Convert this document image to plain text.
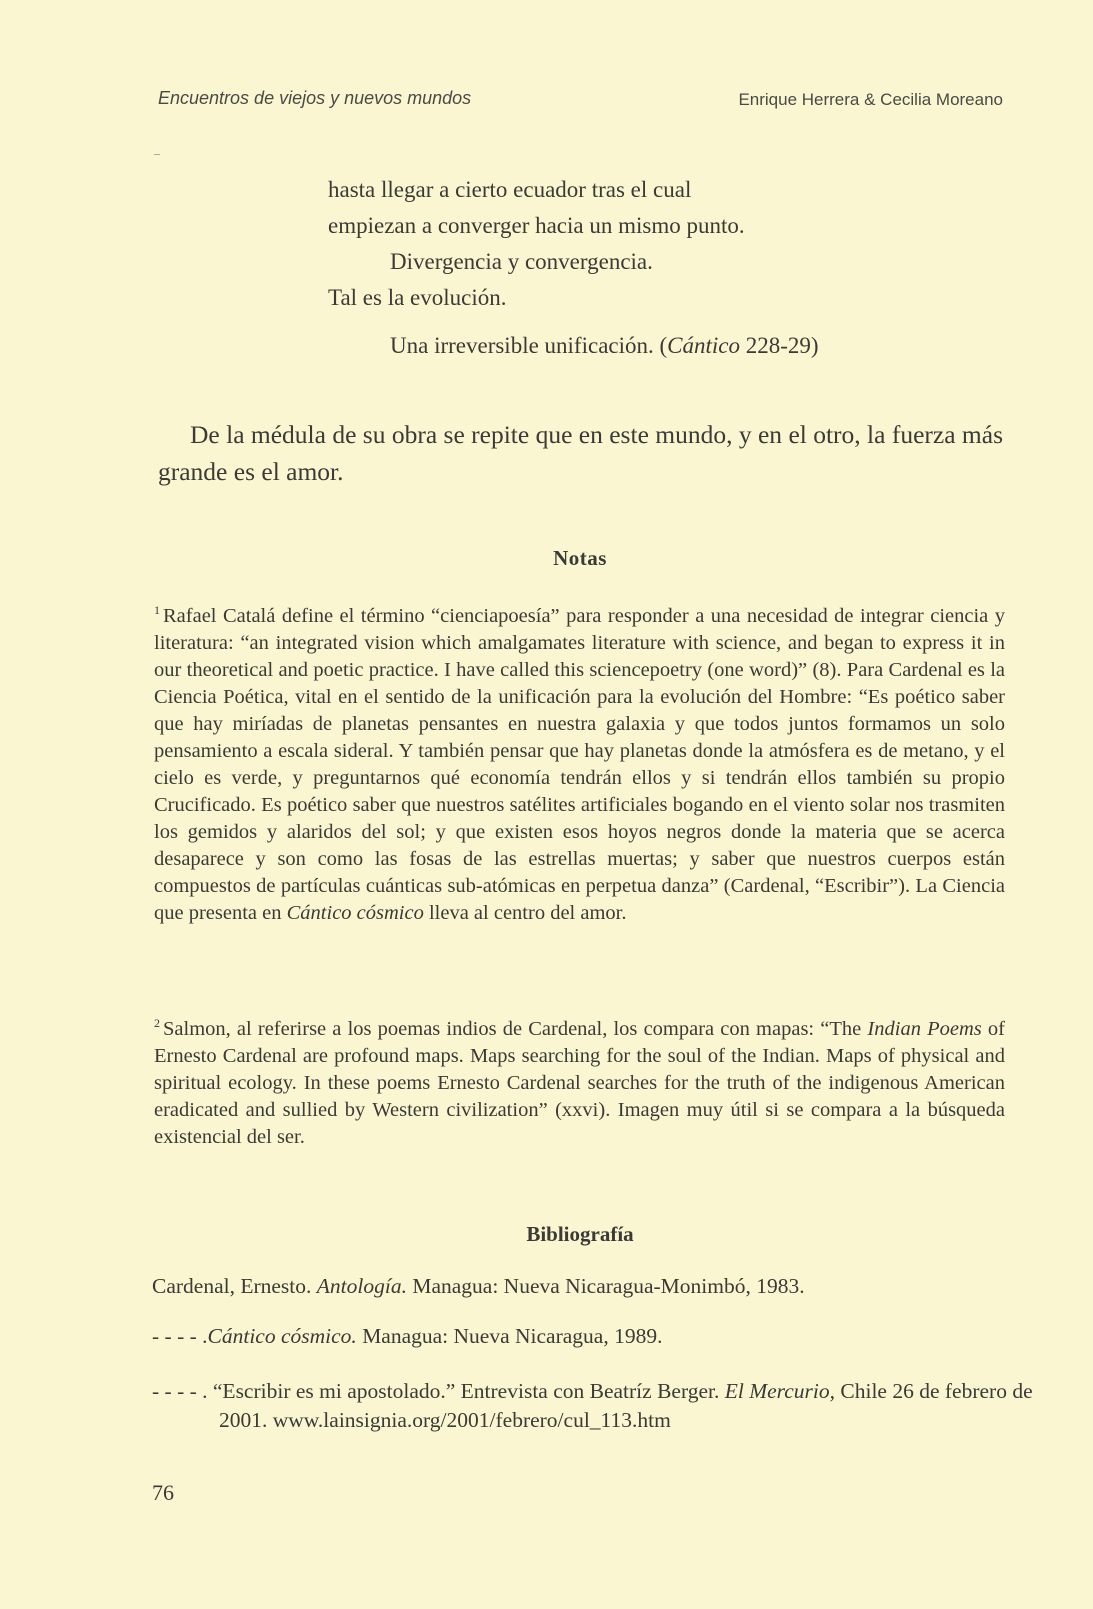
Encuentros de viejos y nuevos mundos	Enrique Herrera & Cecilia Moreano
hasta llegar a cierto ecuador tras el cual
empiezan a converger hacia un mismo punto.
Divergencia y convergencia.
Tal es la evolución.
Una irreversible unificación. (Cántico 228-29)

De la médula de su obra se repite que en este mundo, y en el otro, la fuerza más grande es el amor.

Notas
$^1$ Rafael Catalá define el término “cienciapoesía” para responder a una necesidad de integrar ciencia y literatura: “an integrated vision which amalgamates literature with science, and began to express it in our theoretical and poetic practice. I have called this sciencepoetry (one word)” (8). Para Cardenal es la Ciencia Poética, vital en el sentido de la unificación para la evolución del Hombre: “Es poético saber que hay miríadas de planetas pensantes en nuestra galaxia y que todos juntos formamos un solo pensamiento a escala sideral. Y también pensar que hay planetas donde la atmósfera es de metano, y el cielo es verde, y preguntarnos qué economía tendrán ellos y si tendrán ellos también su propio Crucificado. Es poético saber que nuestros satélites artificiales bogando en el viento solar nos trasmiten los gemidos y alaridos del sol; y que existen esos hoyos negros donde la materia que se acerca desaparece y son como las fosas de las estrellas muertas; y saber que nuestros cuerpos están compuestos de partículas cuánticas sub-atómicas en perpetua danza” (Cardenal, “Escribir”). La Ciencia que presenta en Cántico cósmico lleva al centro del amor.
$^2$ Salmon, al referirse a los poemas indios de Cardenal, los compara con mapas: “The Indian Poems of Ernesto Cardenal are profound maps. Maps searching for the soul of the Indian. Maps of physical and spiritual ecology. In these poems Ernesto Cardenal searches for the truth of the indigenous American eradicated and sullied by Western civilization” (xxvi). Imagen muy útil si se compara a la búsqueda existencial del ser.
Bibliografía
Cardenal, Ernesto. Antología. Managua: Nueva Nicaragua-Monimbó, 1983.
- - - - .Cántico cósmico. Managua: Nueva Nicaragua, 1989.
- - - - . “Escribir es mi apostolado.” Entrevista con Beatríz Berger. El Mercurio, Chile 26 de febrero de 2001. www.lainsignia.org/2001/febrero/cul_113.htm
76
